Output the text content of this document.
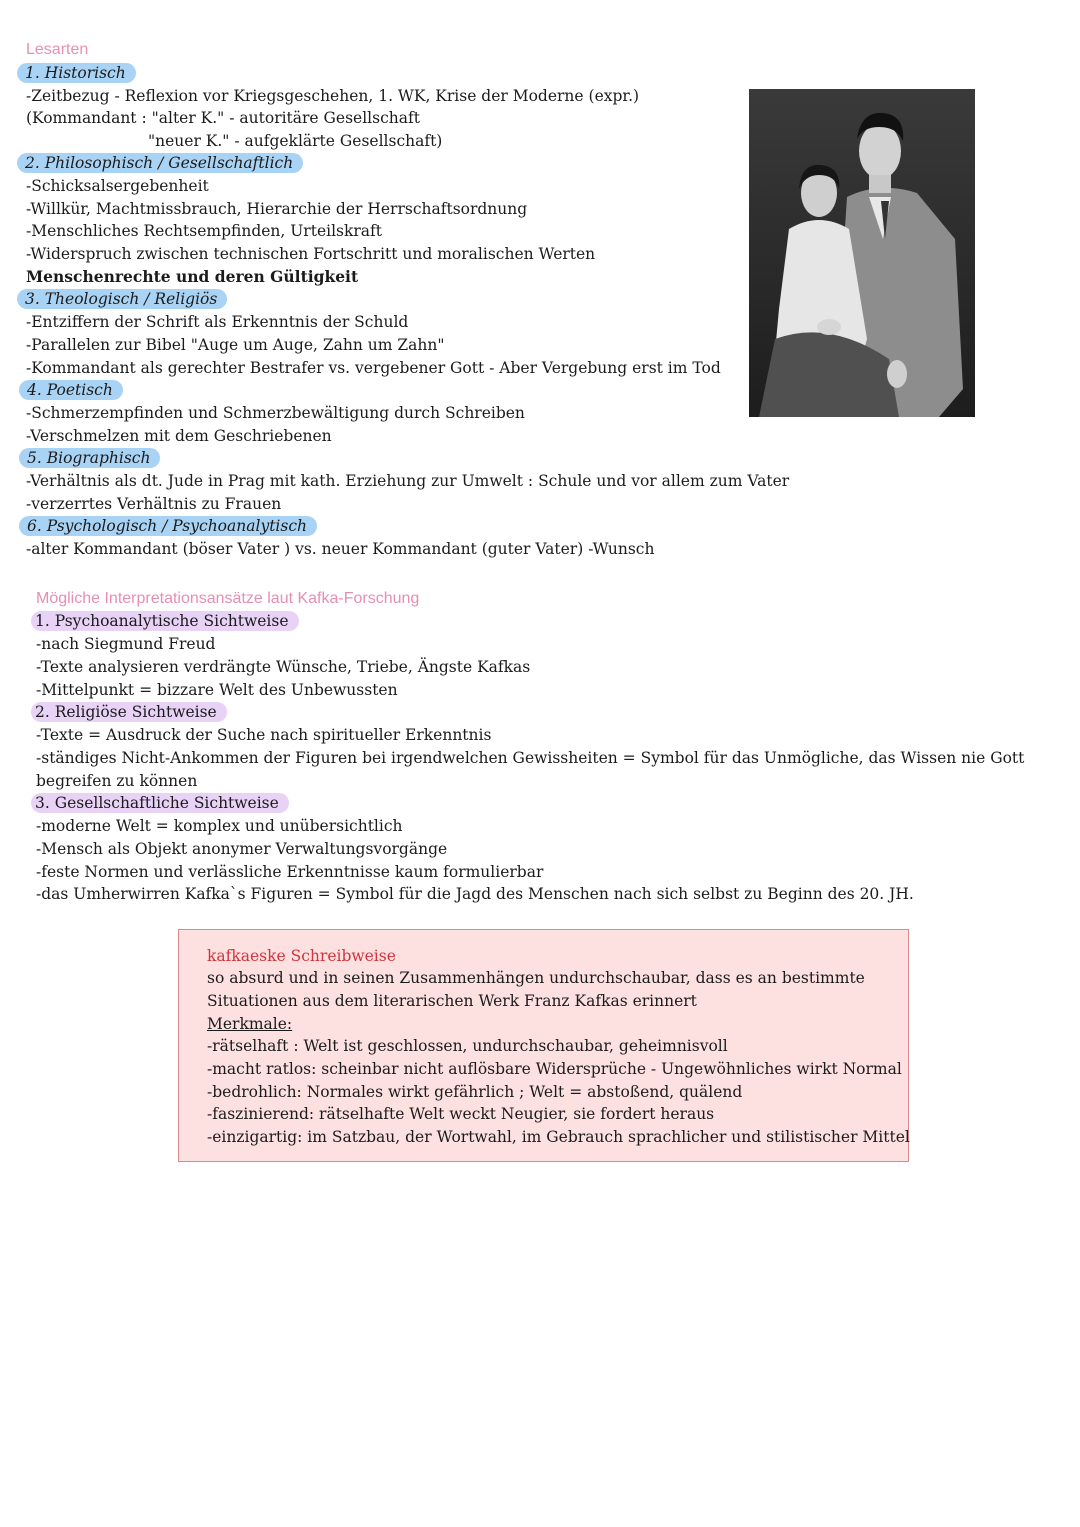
Lesarten
1. Historisch
-Zeitbezug - Reflexion vor Kriegsgeschehen, 1. WK, Krise der Moderne (expr.)
(Kommandant : "alter K." - autoritäre Gesellschaft
"neuer K." - aufgeklärte Gesellschaft)
2. Philosophisch / Gesellschaftlich
-Schicksalsergebenheit
-Willkür, Machtmissbrauch, Hierarchie der Herrschaftsordnung
-Menschliches Rechtsempfinden, Urteilskraft
-Widerspruch zwischen technischen Fortschritt und moralischen Werten
Menschenrechte und deren Gültigkeit
3. Theologisch / Religiös
-Entziffern der Schrift als Erkenntnis der Schuld
-Parallelen zur Bibel "Auge um Auge, Zahn um Zahn"
-Kommandant als gerechter Bestrafer vs. vergebener Gott - Aber Vergebung erst im Tod
4. Poetisch
-Schmerzempfinden und Schmerzbewältigung durch Schreiben
-Verschmelzen mit dem Geschriebenen
5. Biographisch
-Verhältnis als dt. Jude in Prag mit kath. Erziehung zur Umwelt : Schule und vor allem zum Vater
-verzerrtes Verhältnis zu Frauen
6. Psychologisch / Psychoanalytisch
-alter Kommandant (böser Vater ) vs. neuer Kommandant (guter Vater) -Wunsch
Mögliche Interpretationsansätze laut Kafka-Forschung
1. Psychoanalytische Sichtweise
-nach Siegmund Freud
-Texte analysieren verdrängte Wünsche, Triebe, Ängste Kafkas
-Mittelpunkt = bizzare Welt des Unbewussten
2. Religiöse Sichtweise
-Texte = Ausdruck der Suche nach spiritueller Erkenntnis
-ständiges Nicht-Ankommen der Figuren bei irgendwelchen Gewissheiten = Symbol für das Unmögliche, das Wissen nie Gott
begreifen zu können
3. Gesellschaftliche Sichtweise
-moderne Welt = komplex und unübersichtlich
-Mensch als Objekt anonymer Verwaltungsvorgänge
-feste Normen und verlässliche Erkenntnisse kaum formulierbar
-das Umherwirren Kafka`s Figuren = Symbol für die Jagd des Menschen nach sich selbst zu Beginn des 20. JH.
kafkaeske Schreibweise
so absurd und in seinen Zusammenhängen undurchschaubar, dass es an bestimmte
Situationen aus dem literarischen Werk Franz Kafkas erinnert
Merkmale:
-rätselhaft : Welt ist geschlossen, undurchschaubar, geheimnisvoll
-macht ratlos: scheinbar nicht auflösbare Widersprüche - Ungewöhnliches wirkt Normal
-bedrohlich: Normales wirkt gefährlich ; Welt = abstoßend, quälend
-faszinierend: rätselhafte Welt weckt Neugier, sie fordert heraus
-einzigartig: im Satzbau, der Wortwahl, im Gebrauch sprachlicher und stilistischer Mittel
